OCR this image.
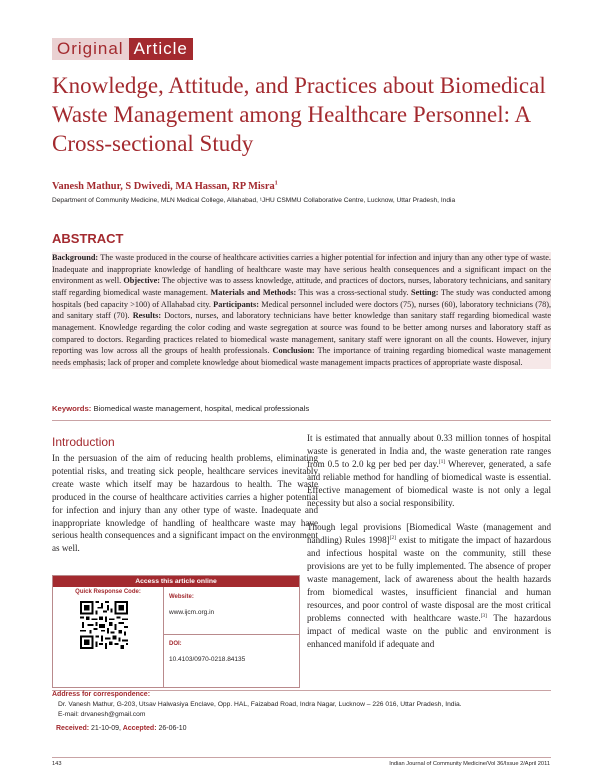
Original Article
Knowledge, Attitude, and Practices about Biomedical Waste Management among Healthcare Personnel: A Cross-sectional Study
Vanesh Mathur, S Dwivedi, MA Hassan, RP Misra$^1$
Department of Community Medicine, MLN Medical College, Allahabad, ¹JHU CSMMU Collaborative Centre, Lucknow, Uttar Pradesh, India
ABSTRACT
Background: The waste produced in the course of healthcare activities carries a higher potential for infection and injury than any other type of waste. Inadequate and inappropriate knowledge of handling of healthcare waste may have serious health consequences and a significant impact on the environment as well. Objective: The objective was to assess knowledge, attitude, and practices of doctors, nurses, laboratory technicians, and sanitary staff regarding biomedical waste management. Materials and Methods: This was a cross-sectional study. Setting: The study was conducted among hospitals (bed capacity >100) of Allahabad city. Participants: Medical personnel included were doctors (75), nurses (60), laboratory technicians (78), and sanitary staff (70). Results: Doctors, nurses, and laboratory technicians have better knowledge than sanitary staff regarding biomedical waste management. Knowledge regarding the color coding and waste segregation at source was found to be better among nurses and laboratory staff as compared to doctors. Regarding practices related to biomedical waste management, sanitary staff were ignorant on all the counts. However, injury reporting was low across all the groups of health professionals. Conclusion: The importance of training regarding biomedical waste management needs emphasis; lack of proper and complete knowledge about biomedical waste management impacts practices of appropriate waste disposal.
Keywords: Biomedical waste management, hospital, medical professionals
Introduction

In the persuasion of the aim of reducing health problems, eliminating potential risks, and treating sick people, healthcare services inevitably create waste which itself may be hazardous to health. The waste produced in the course of healthcare activities carries a higher potential for infection and injury than any other type of waste. Inadequate and inappropriate knowledge of handling of healthcare waste may have serious health consequences and a significant impact on the environment as well.

It is estimated that annually about 0.33 million tonnes of hospital waste is generated in India and, the waste generation rate ranges from 0.5 to 2.0 kg per bed per day.[1] Wherever, generated, a safe and reliable method for handling of biomedical waste is essential. Effective management of biomedical waste is not only a legal necessity but also a social responsibility.

Though legal provisions [Biomedical Waste (management and handling) Rules 1998][2] exist to mitigate the impact of hazardous and infectious hospital waste on the community, still these provisions are yet to be fully implemented. The absence of proper waste management, lack of awareness about the health hazards from biomedical wastes, insufficient financial and human resources, and poor control of waste disposal are the most critical problems connected with healthcare waste.[3] The hazardous impact of medical waste on the public and environment is enhanced manifold if adequate and

Access this article online
Quick Response Code:
Website:
www.ijcm.org.in
DOI:
10.4103/0970-0218.84135
Address for correspondence:
Dr. Vanesh Mathur, G-203, Utsav Halwasiya Enclave, Opp. HAL, Faizabad Road, Indra Nagar, Lucknow – 226 016, Uttar Pradesh, India.
E-mail: drvanesh@gmail.com
Received: 21-10-09, Accepted: 26-06-10
143	Indian Journal of Community Medicine/Vol 36/Issue 2/April 2011
